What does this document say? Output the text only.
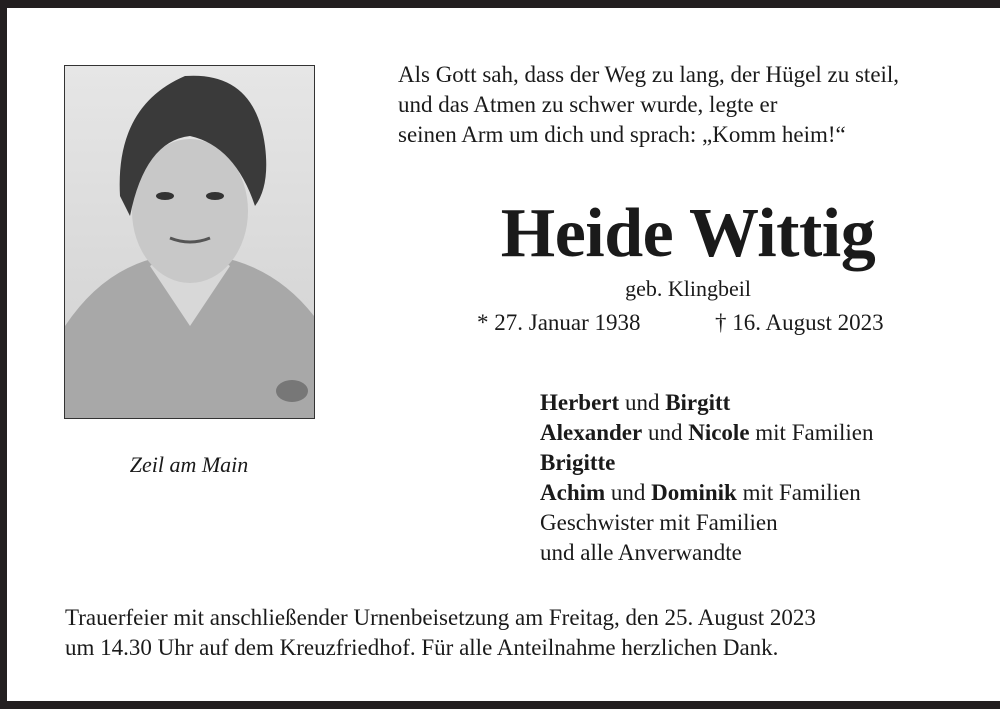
Als Gott sah, dass der Weg zu lang, der Hügel zu steil,
und das Atmen zu schwer wurde, legte er
seinen Arm um dich und sprach: „Komm heim!“
Heide Wittig
geb. Klingbeil
* 27. Januar 1938	† 16. August 2023
Zeil am Main
Herbert und Birgitt
Alexander und Nicole mit Familien
Brigitte
Achim und Dominik mit Familien
Geschwister mit Familien
und alle Anverwandte
Trauerfeier mit anschließender Urnenbeisetzung am Freitag, den 25. August 2023
um 14.30 Uhr auf dem Kreuzfriedhof. Für alle Anteilnahme herzlichen Dank.
